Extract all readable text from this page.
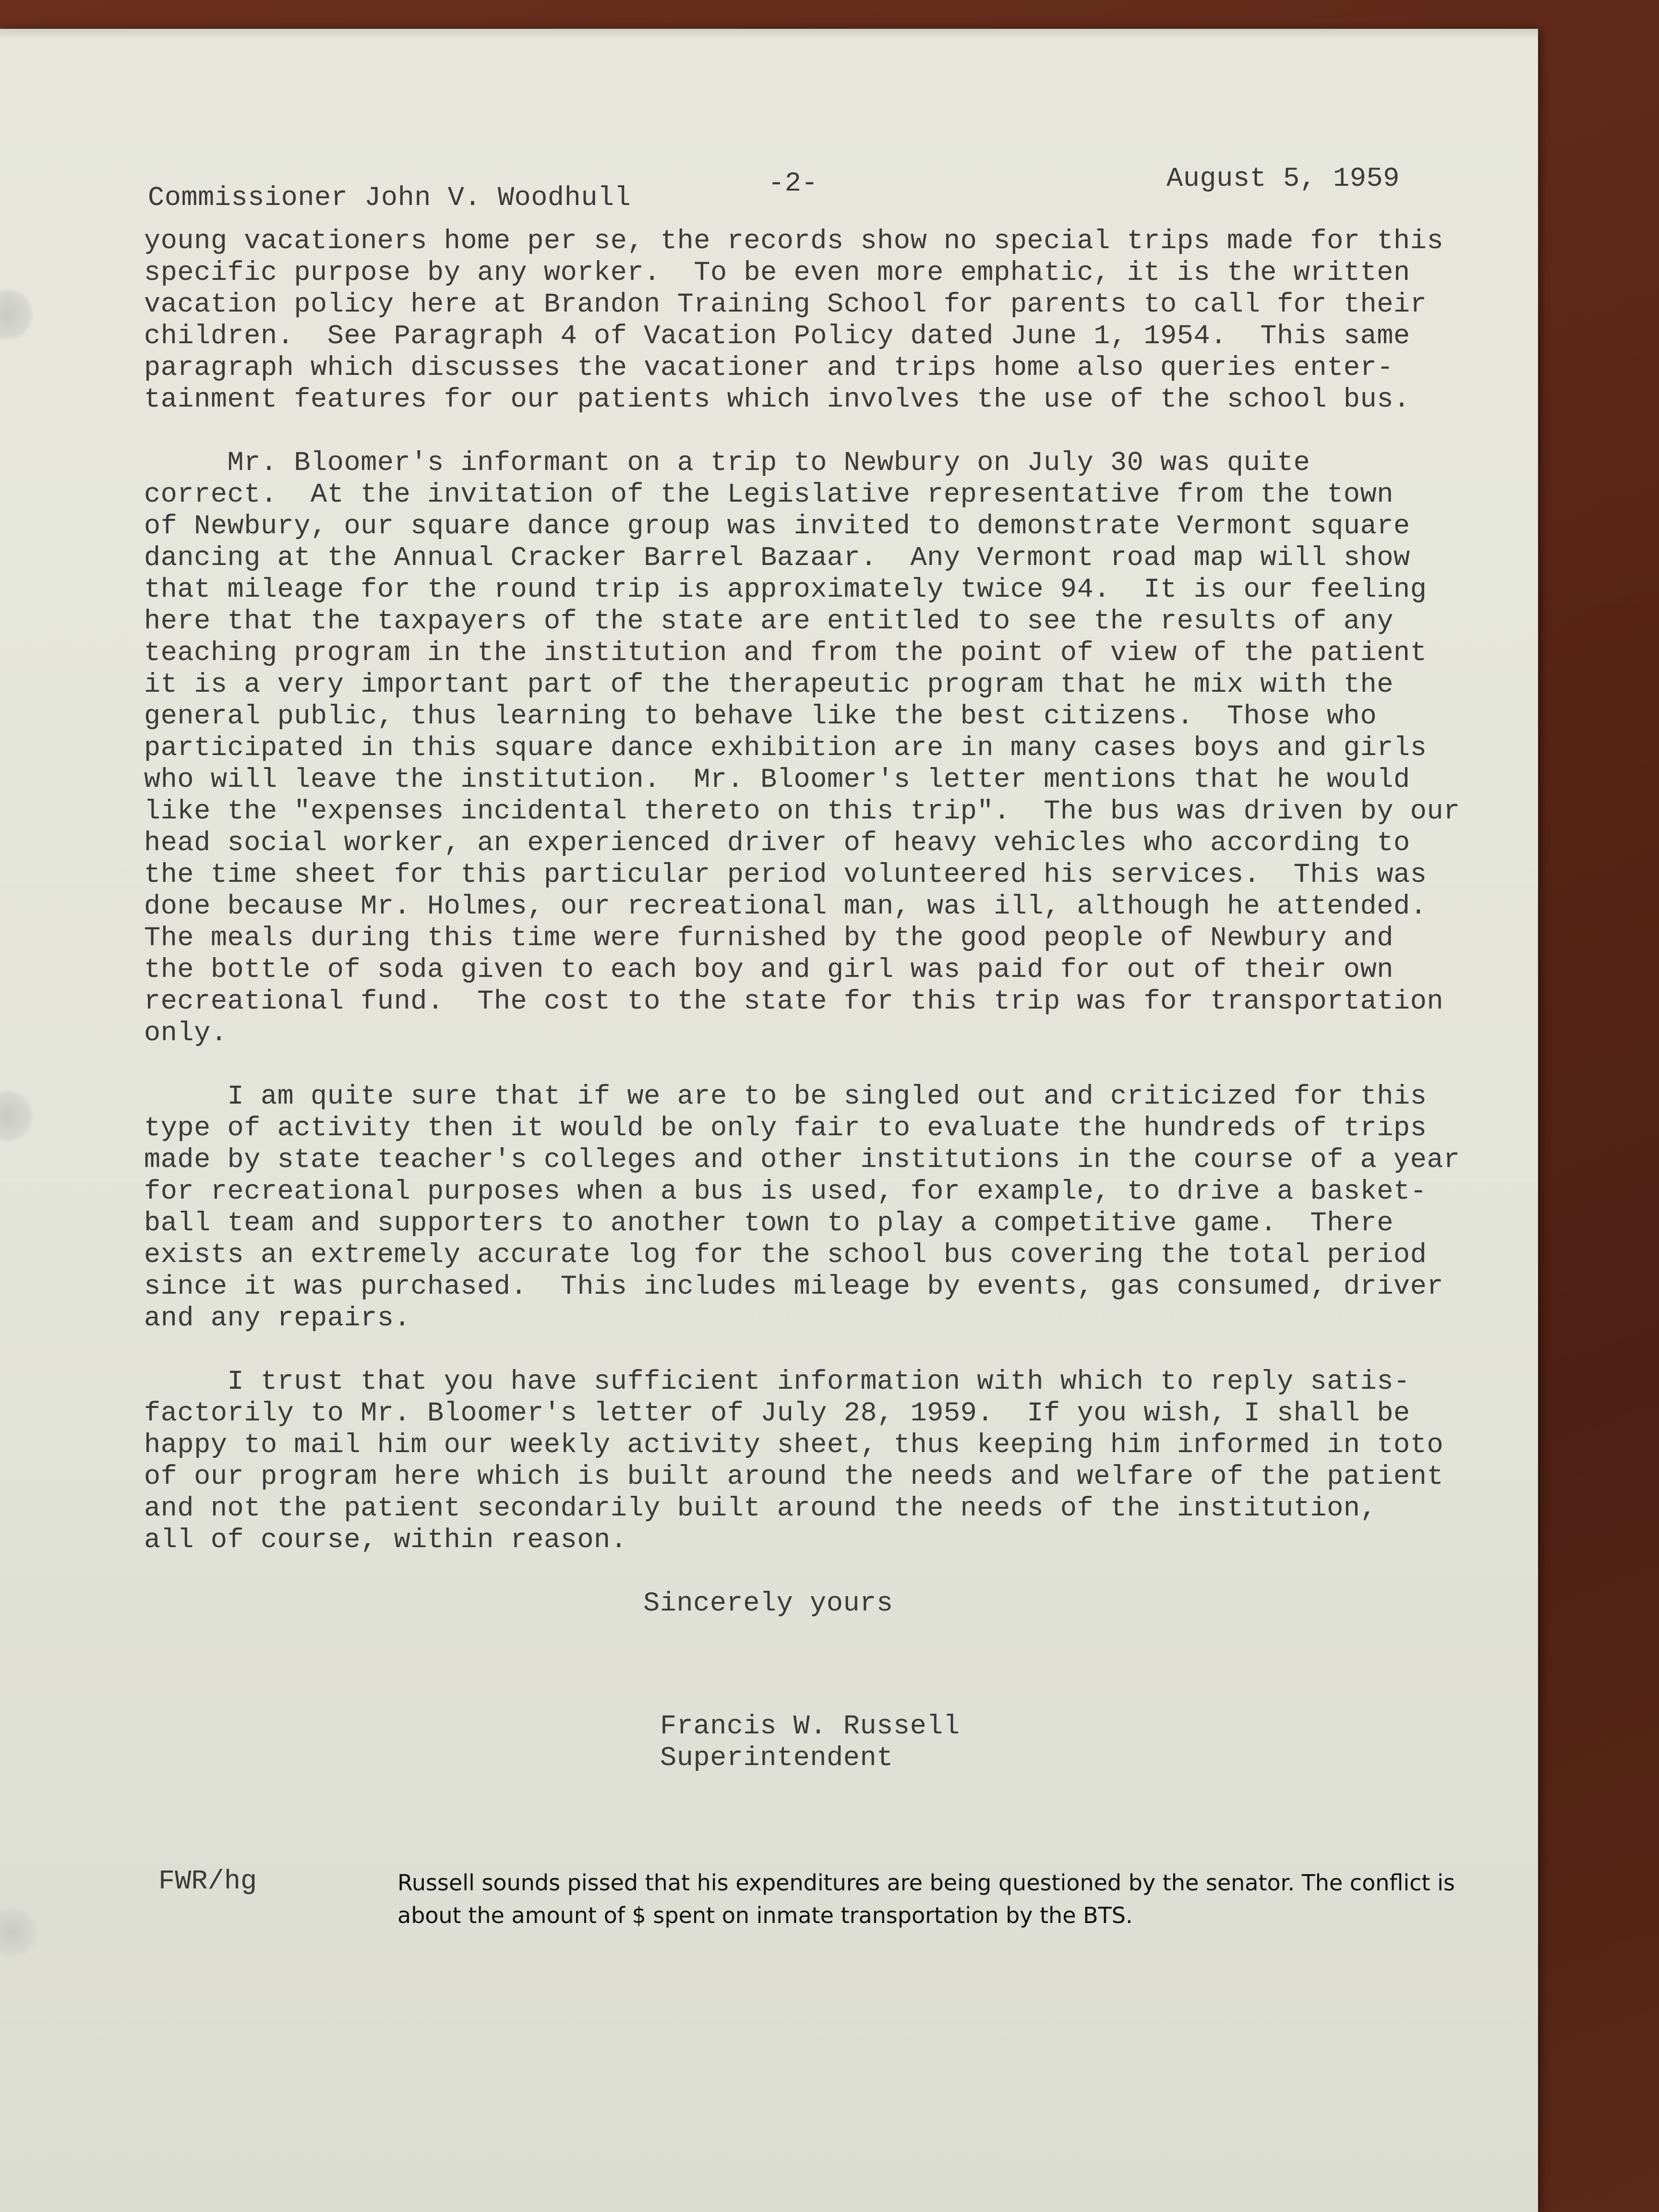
Commissioner John V. Woodhull	-2-	August 5, 1959
young vacationers home per se, the records show no special trips made for this
specific purpose by any worker.  To be even more emphatic, it is the written
vacation policy here at Brandon Training School for parents to call for their
children.  See Paragraph 4 of Vacation Policy dated June 1, 1954.  This same
paragraph which discusses the vacationer and trips home also queries enter-
tainment features for our patients which involves the use of the school bus.
Mr. Bloomer's informant on a trip to Newbury on July 30 was quite
correct.  At the invitation of the Legislative representative from the town
of Newbury, our square dance group was invited to demonstrate Vermont square
dancing at the Annual Cracker Barrel Bazaar.  Any Vermont road map will show
that mileage for the round trip is approximately twice 94.  It is our feeling
here that the taxpayers of the state are entitled to see the results of any
teaching program in the institution and from the point of view of the patient
it is a very important part of the therapeutic program that he mix with the
general public, thus learning to behave like the best citizens.  Those who
participated in this square dance exhibition are in many cases boys and girls
who will leave the institution.  Mr. Bloomer's letter mentions that he would
like the "expenses incidental thereto on this trip".  The bus was driven by our
head social worker, an experienced driver of heavy vehicles who according to
the time sheet for this particular period volunteered his services.  This was
done because Mr. Holmes, our recreational man, was ill, although he attended.
The meals during this time were furnished by the good people of Newbury and
the bottle of soda given to each boy and girl was paid for out of their own
recreational fund.  The cost to the state for this trip was for transportation
only.
I am quite sure that if we are to be singled out and criticized for this
type of activity then it would be only fair to evaluate the hundreds of trips
made by state teacher's colleges and other institutions in the course of a year
for recreational purposes when a bus is used, for example, to drive a basket-
ball team and supporters to another town to play a competitive game.  There
exists an extremely accurate log for the school bus covering the total period
since it was purchased.  This includes mileage by events, gas consumed, driver
and any repairs.
I trust that you have sufficient information with which to reply satis-
factorily to Mr. Bloomer's letter of July 28, 1959.  If you wish, I shall be
happy to mail him our weekly activity sheet, thus keeping him informed in toto
of our program here which is built around the needs and welfare of the patient
and not the patient secondarily built around the needs of the institution,
all of course, within reason.
Sincerely yours
Francis W. Russell
Superintendent
FWR/hg	Russell sounds pissed that his expenditures are being questioned by the senator. The conflict is about the amount of $ spent on inmate transportation by the BTS.
